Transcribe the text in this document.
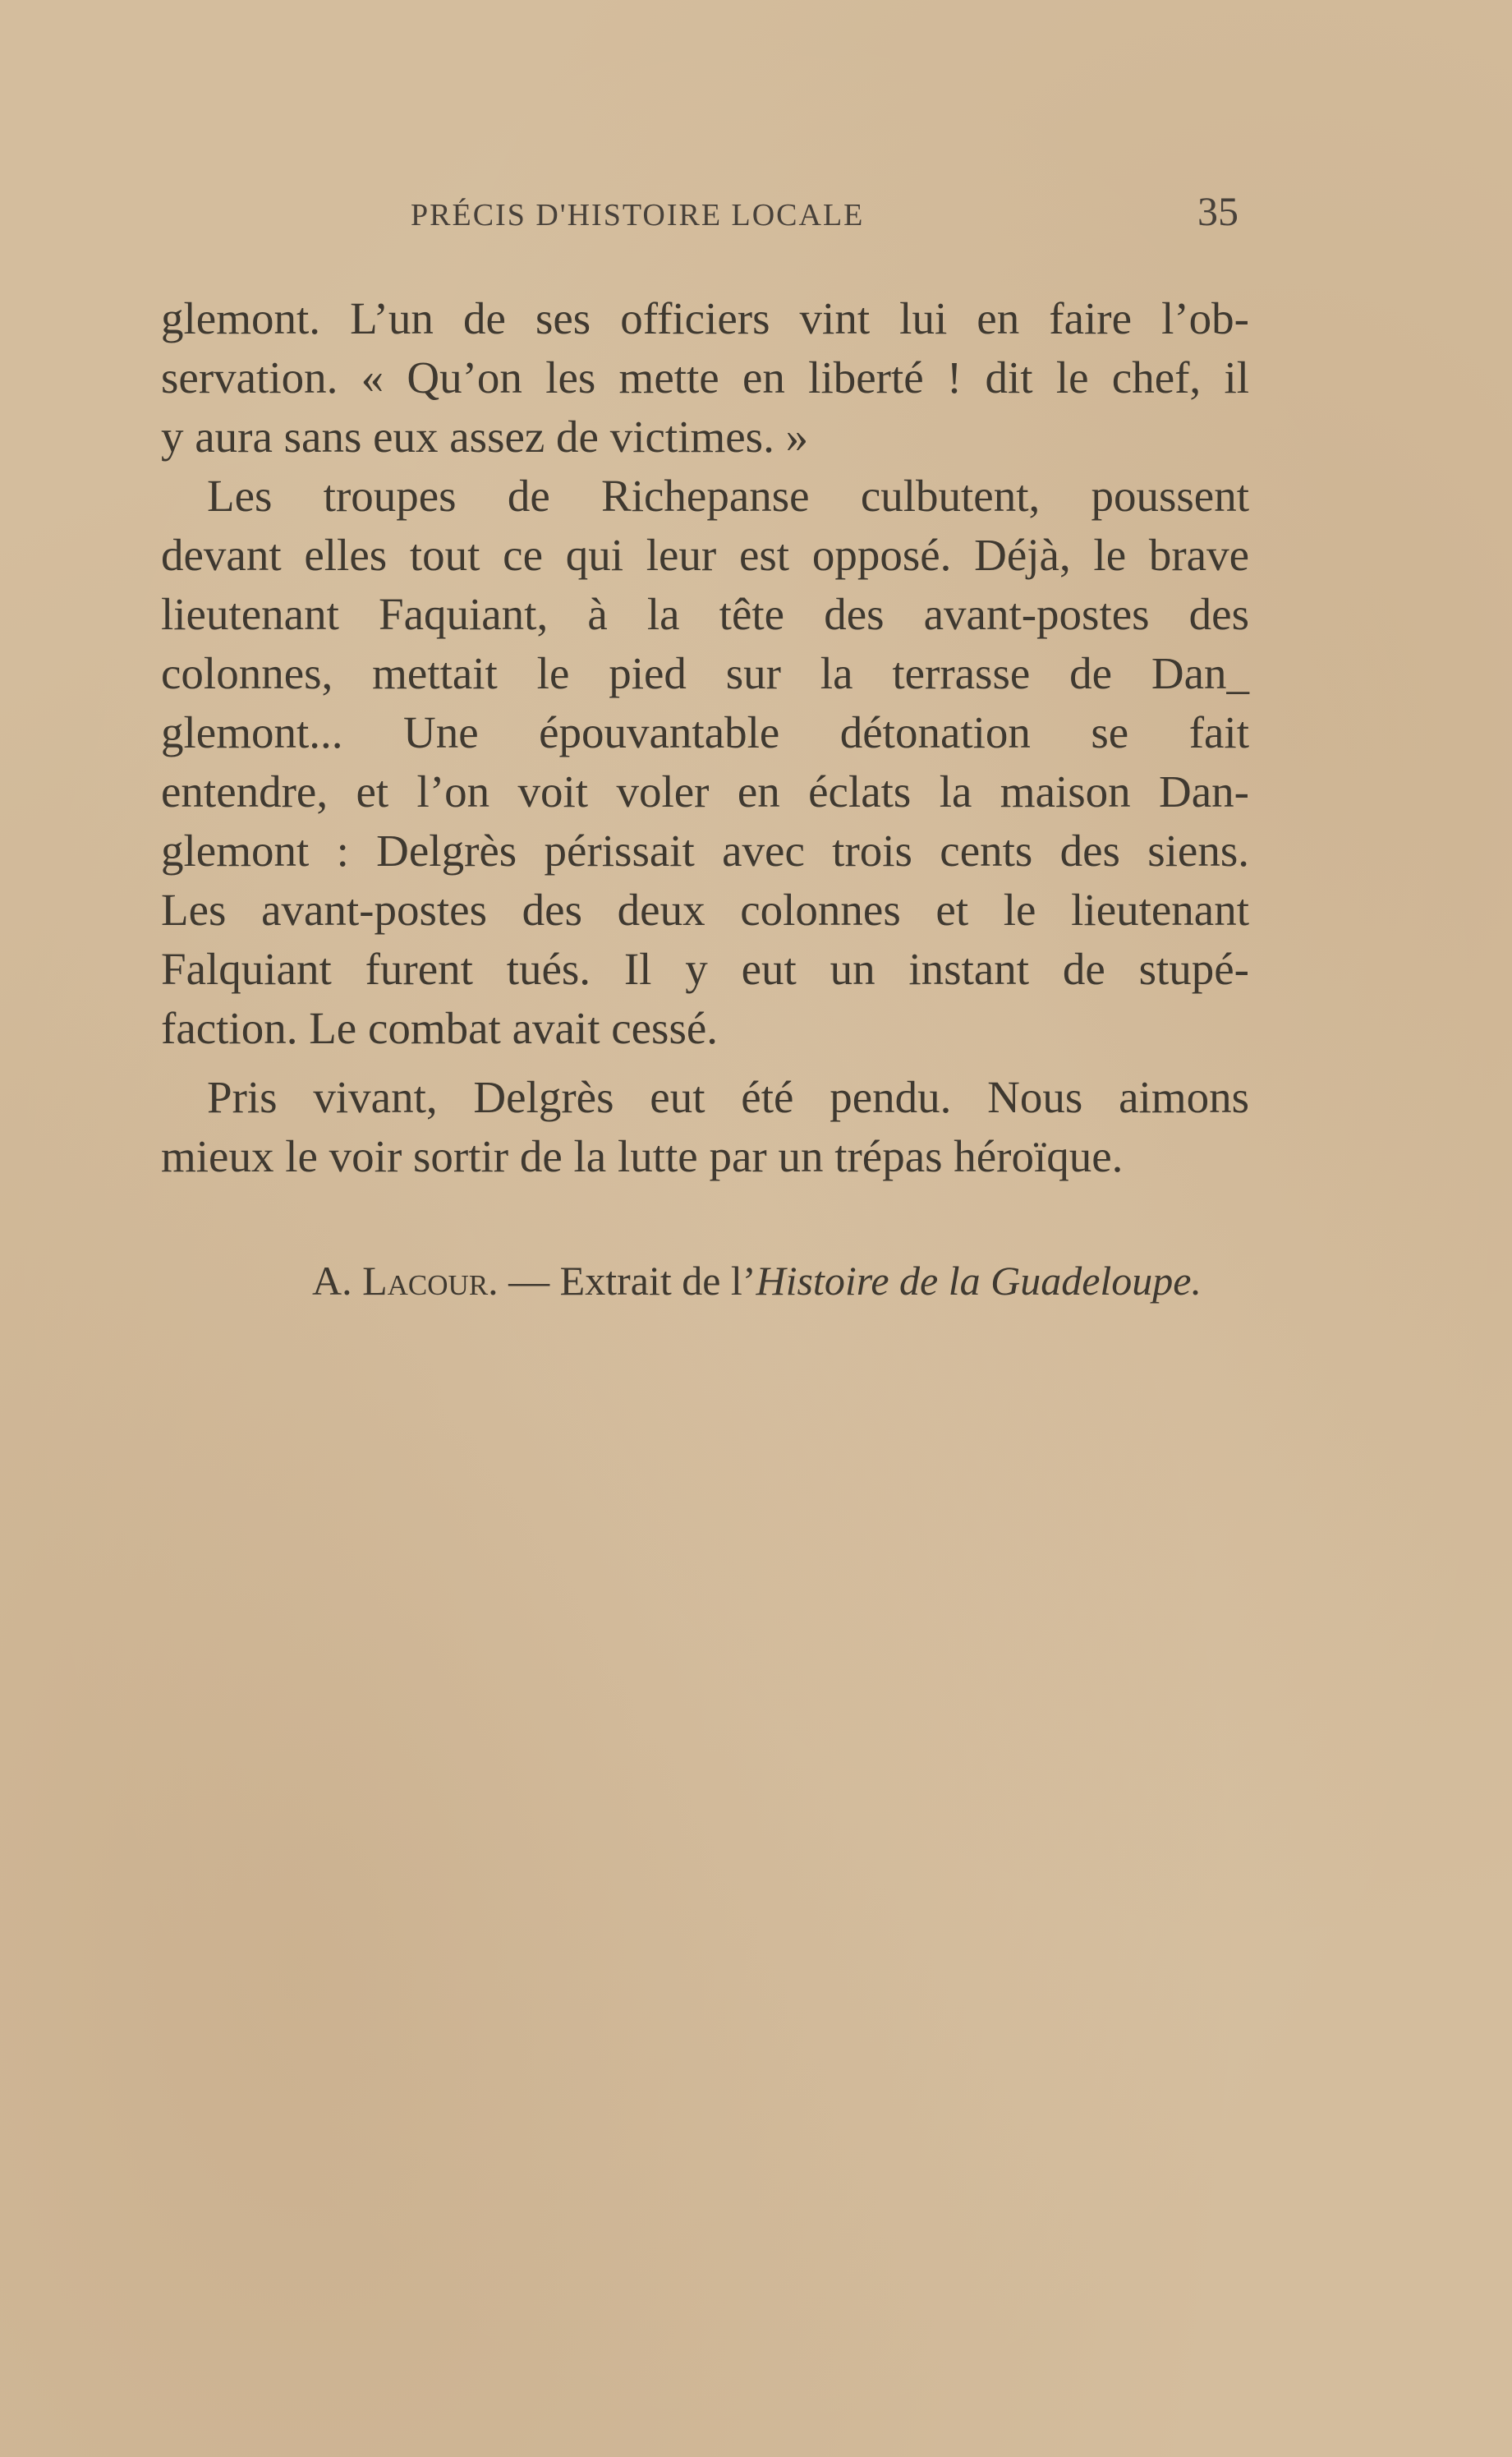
PRÉCIS D'HISTOIRE LOCALE	35
glemont. L’un de ses officiers vint lui en faire l’ob-
servation. « Qu’on les mette en liberté ! dit le chef, il
y aura sans eux assez de victimes. »
Les troupes de Richepanse culbutent, poussent
devant elles tout ce qui leur est opposé. Déjà, le brave
lieutenant Faquiant, à la tête des avant-postes des
colonnes, mettait le pied sur la terrasse de Dan_
glemont... Une épouvantable détonation se fait
entendre, et l’on voit voler en éclats la maison Dan-
glemont : Delgrès périssait avec trois cents des siens.
Les avant-postes des deux colonnes et le lieutenant
Falquiant furent tués. Il y eut un instant de stupé-
faction. Le combat avait cessé.
Pris vivant, Delgrès eut été pendu. Nous aimons
mieux le voir sortir de la lutte par un trépas héroïque.
A. Lacour. — Extrait de l’Histoire de la Guadeloupe.
